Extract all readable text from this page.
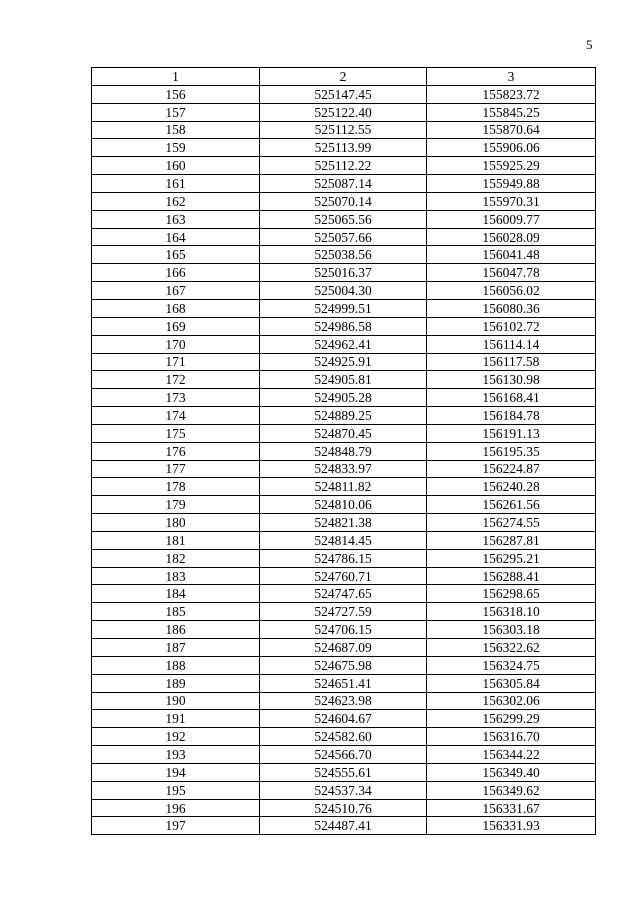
5
1	2	3
156	525147.45	155823.72
157	525122.40	155845.25
158	525112.55	155870.64
159	525113.99	155906.06
160	525112.22	155925.29
161	525087.14	155949.88
162	525070.14	155970.31
163	525065.56	156009.77
164	525057.66	156028.09
165	525038.56	156041.48
166	525016.37	156047.78
167	525004.30	156056.02
168	524999.51	156080.36
169	524986.58	156102.72
170	524962.41	156114.14
171	524925.91	156117.58
172	524905.81	156130.98
173	524905.28	156168.41
174	524889.25	156184.78
175	524870.45	156191.13
176	524848.79	156195.35
177	524833.97	156224.87
178	524811.82	156240.28
179	524810.06	156261.56
180	524821.38	156274.55
181	524814.45	156287.81
182	524786.15	156295.21
183	524760.71	156288.41
184	524747.65	156298.65
185	524727.59	156318.10
186	524706.15	156303.18
187	524687.09	156322.62
188	524675.98	156324.75
189	524651.41	156305.84
190	524623.98	156302.06
191	524604.67	156299.29
192	524582.60	156316.70
193	524566.70	156344.22
194	524555.61	156349.40
195	524537.34	156349.62
196	524510.76	156331.67
197	524487.41	156331.93
